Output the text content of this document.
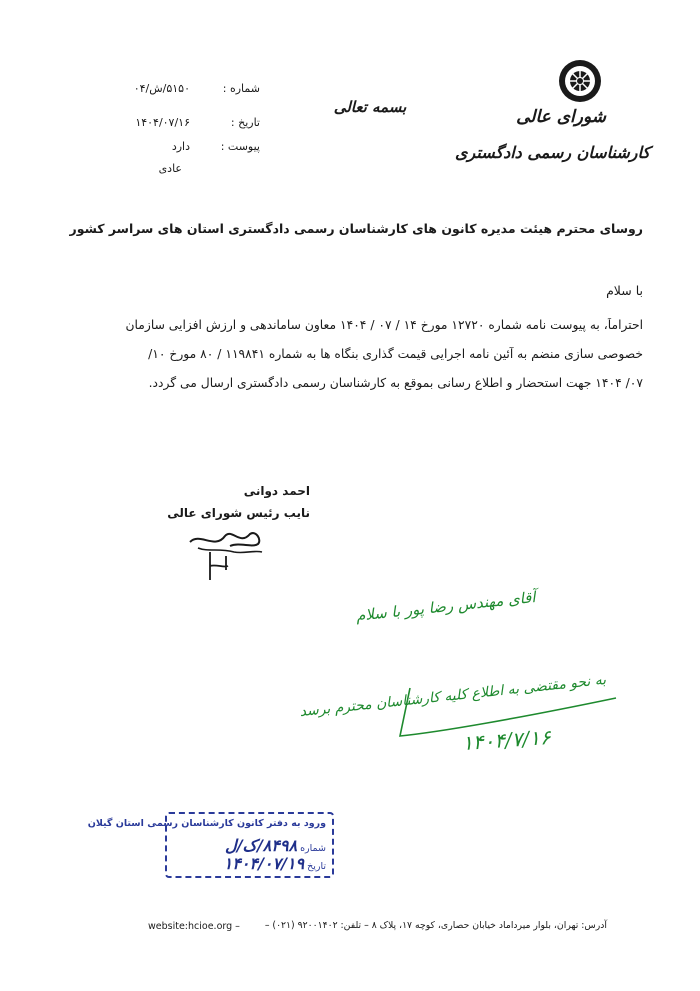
شورای عالی
کارشناسان رسمی دادگستری
بسمه تعالی
شماره :
۵۱۵۰/ش/۰۴
تاریخ :
۱۴۰۴/۰۷/۱۶
پیوست :
دارد
عادی
روسای محترم هیئت مدیره کانون های کارشناسان رسمی دادگستری استان های سراسر کشور
با سلام
احتراماً، به پیوست نامه شماره ۱۲۷۲۰ مورخ ۱۴ / ۰۷ / ۱۴۰۴ معاون ساماندهی و ارزش افزایی سازمان
خصوصی سازی منضم به آئین نامه اجرایی قیمت گذاری بنگاه ها به شماره ۱۱۹۸۴۱ / ۸۰ مورخ ۱۰/
۰۷/ ۱۴۰۴ جهت استحضار و اطلاع رسانی بموقع به کارشناسان رسمی دادگستری ارسال می گردد.
احمد دوانی
نایب رئیس شورای عالی
آقای مهندس رضا پور با سلام
به نحو مقتضی به اطلاع کلیه کارشناسان محترم برسد
۱۴۰۴/۷/۱۶
ورود به دفتر کانون کارشناسان رسمی استان گیلان
شماره ۸۴۹۸/ک/ل
تاریخ ۱۴۰۴/۰۷/۱۹
آدرس: تهران، بلوار میرداماد خیابان حصاری، کوچه ۱۷، پلاک ۸ – تلفن: ۹۲۰۰۱۴۰۲ (۰۲۱) –
website:hcioe.org –
